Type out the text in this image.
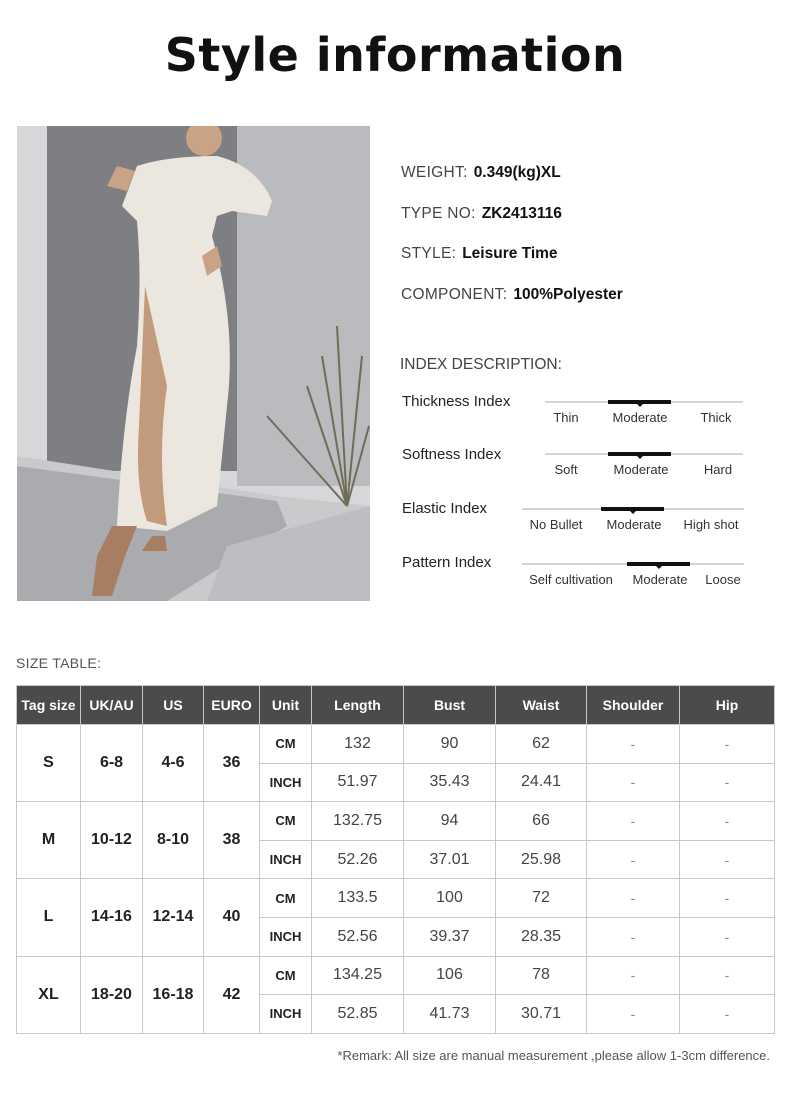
Style information
WEIGHT: 0.349(kg)XL
TYPE NO: ZK2413116
STYLE: Leisure Time
COMPONENT: 100%Polyester
INDEX DESCRIPTION:
Thickness Index
Thin	Moderate	Thick
Softness Index
Soft	Moderate	Hard
Elastic Index
No Bullet Moderate High shot
Pattern Index
Self cultivation Moderate Loose
SIZE TABLE:
Tag size	UK/AU	US	EURO	Unit	Length	Bust	Waist	Shoulder	Hip
S	6-8	4-6	36	CM	132	90	62	-	-
				INCH	51.97	35.43	24.41	-	-
M	10-12	8-10	38	CM	132.75	94	66	-	-
				INCH	52.26	37.01	25.98	-	-
L	14-16	12-14	40	CM	133.5	100	72	-	-
				INCH	52.56	39.37	28.35	-	-
XL	18-20	16-18	42	CM	134.25	106	78	-	-
				INCH	52.85	41.73	30.71	-	-
*Remark: All size are manual measurement ,please allow 1-3cm difference.
